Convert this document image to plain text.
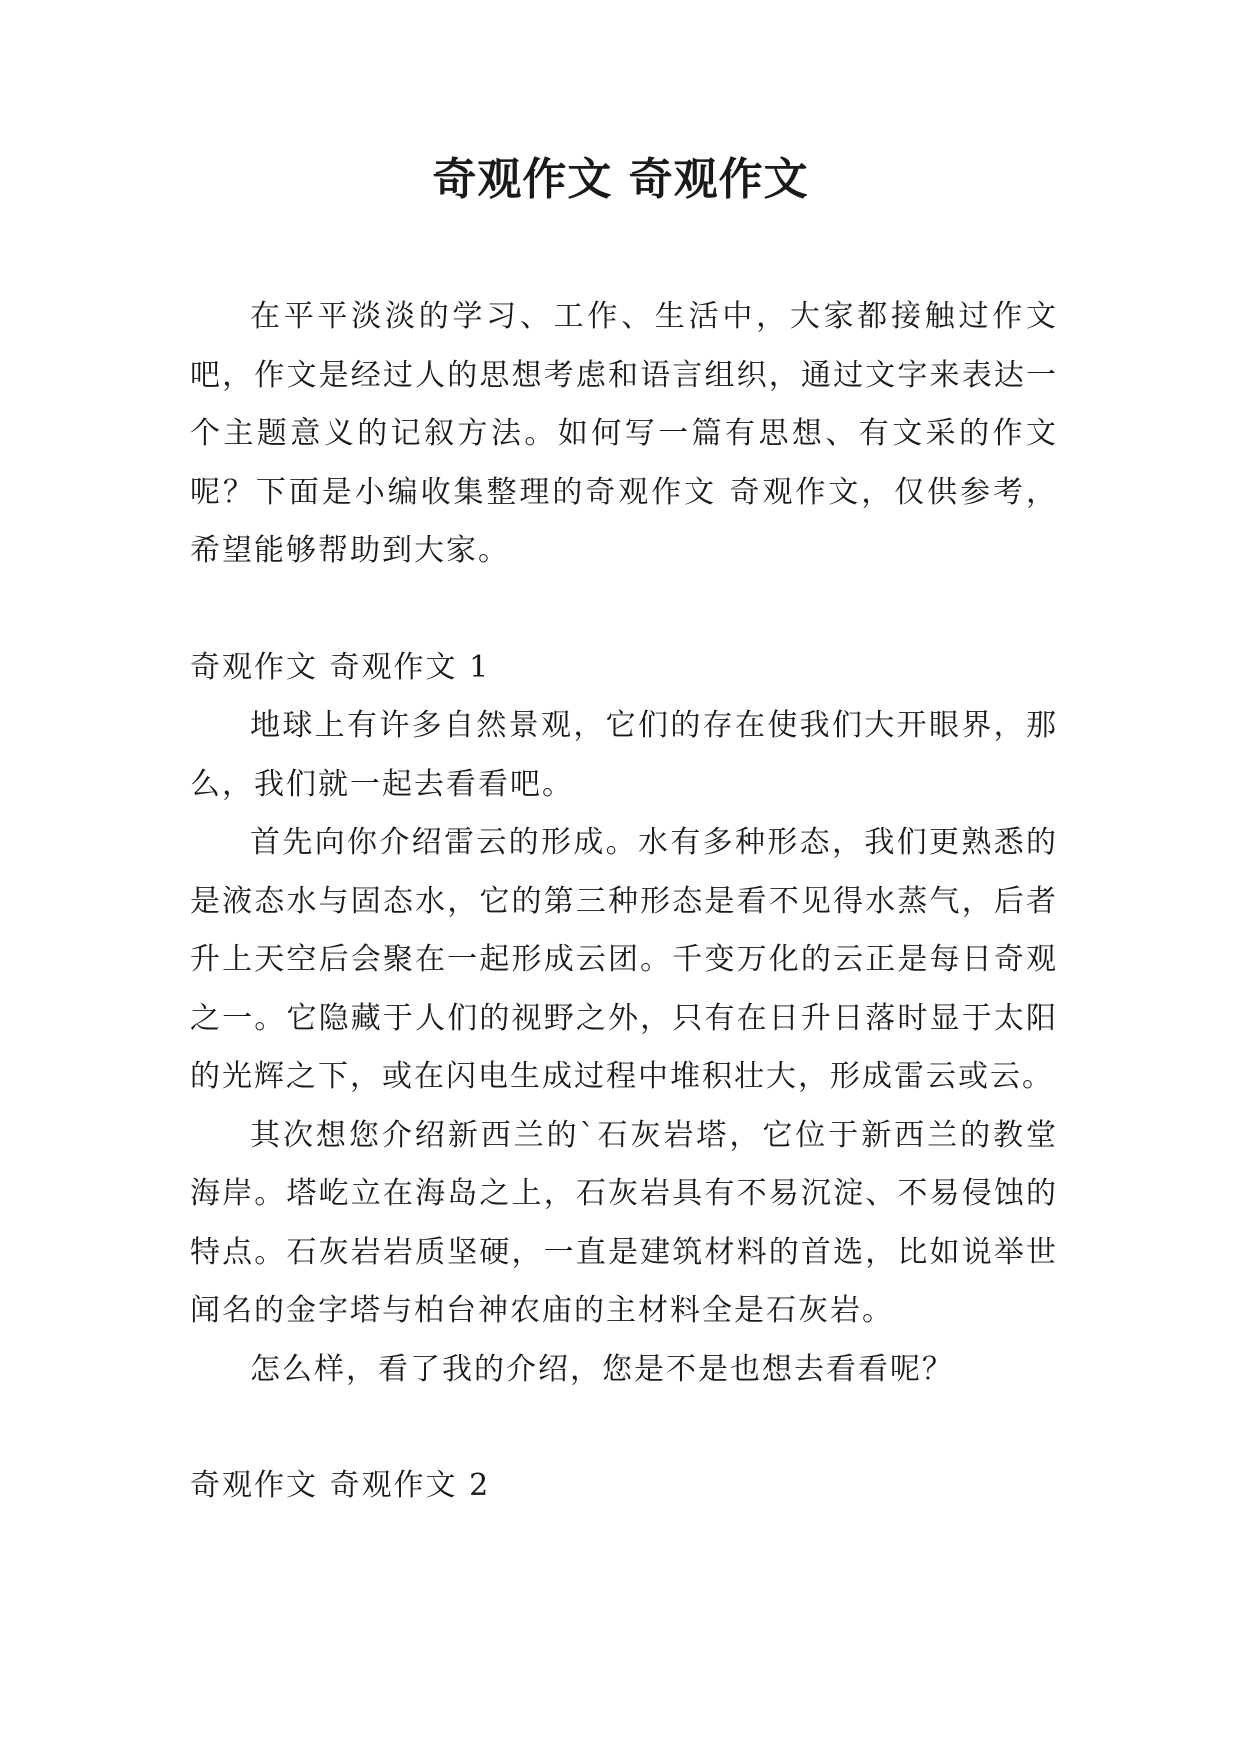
奇观作文 奇观作文

在平平淡淡的学习、工作、生活中，大家都接触过作文吧，作文是经过人的思想考虑和语言组织，通过文字来表达一个主题意义的记叙方法。如何写一篇有思想、有文采的作文呢？下面是小编收集整理的奇观作文 奇观作文，仅供参考，希望能够帮助到大家。

奇观作文 奇观作文 1

地球上有许多自然景观，它们的存在使我们大开眼界，那么，我们就一起去看看吧。

首先向你介绍雷云的形成。水有多种形态，我们更熟悉的是液态水与固态水，它的第三种形态是看不见得水蒸气，后者升上天空后会聚在一起形成云团。千变万化的云正是每日奇观之一。它隐藏于人们的视野之外，只有在日升日落时显于太阳的光辉之下，或在闪电生成过程中堆积壮大，形成雷云或云。

其次想您介绍新西兰的`石灰岩塔，它位于新西兰的教堂海岸。塔屹立在海岛之上，石灰岩具有不易沉淀、不易侵蚀的特点。石灰岩岩质坚硬，一直是建筑材料的首选，比如说举世闻名的金字塔与柏台神农庙的主材料全是石灰岩。

怎么样，看了我的介绍，您是不是也想去看看呢？

奇观作文 奇观作文 2
